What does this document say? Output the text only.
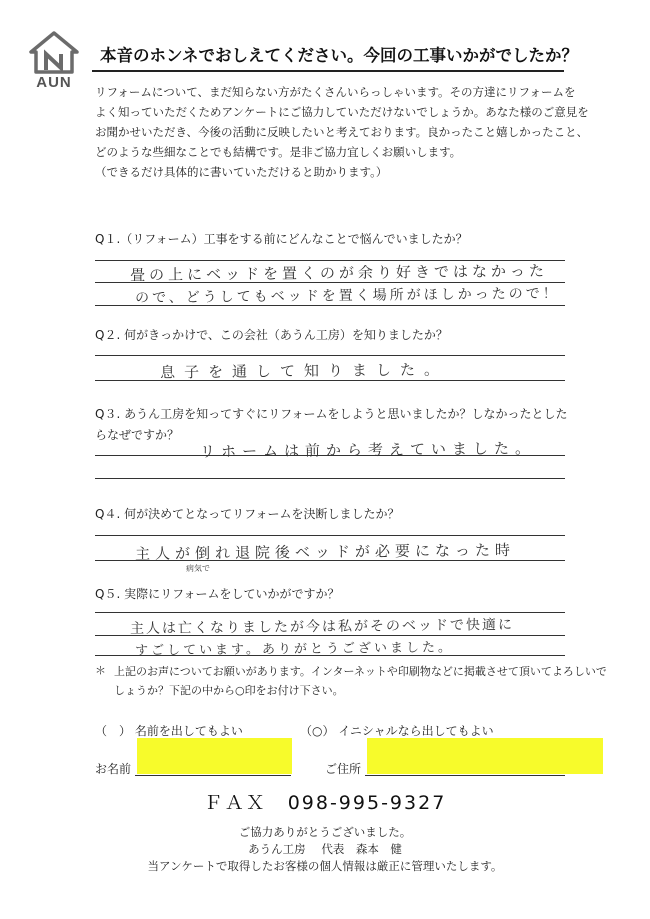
AUN
本音のホンネでおしえてください。今回の工事いかがでしたか？

リフォームについて、まだ知らない方がたくさんいらっしゃいます。その方達にリフォームを

よく知っていただくためアンケートにご協力していただけないでしょうか。あなた様のご意見を

お聞かせいただき、今後の活動に反映したいと考えております。良かったこと嬉しかったこと、

どのような些細なことでも結構です。是非ご協力宜しくお願いします。

（できるだけ具体的に書いていただけると助かります。）

Q１.（リフォーム）工事をする前にどんなことで悩んでいましたか？
畳の上にベッドを置くのが余り好きではなかった
ので、どうしてもベッドを置く場所がほしかったので！
Q２. 何がきっかけで、この会社（あうん工房）を知りましたか？
息子を通して知りました。
Q３. あうん工房を知ってすぐにリフォームをしようと思いましたか？しなかったとした
らなぜですか？
リホームは前から考えていました。
Q４. 何が決めてとなってリフォームを決断しましたか？
主人が倒れ退院後ベッドが必要になった時
病気で
Q５. 実際にリフォームをしていかがですか？
主人は亡くなりましたが今は私がそのベッドで快適に
すごしています。ありがとうございました。
＊ 上記のお声についてお願いがあります。インターネットや印刷物などに掲載させて頂いてよろしいで

しょうか？下記の中から○印をお付け下さい。

（　） 名前を出してもよい	（○） イニシャルなら出してもよい
お名前	ご住所
ＦＡＸ　098-995-9327
ご協力ありがとうございました。
あうん工房 代表　森本　健
当アンケートで取得したお客様の個人情報は厳正に管理いたします。
